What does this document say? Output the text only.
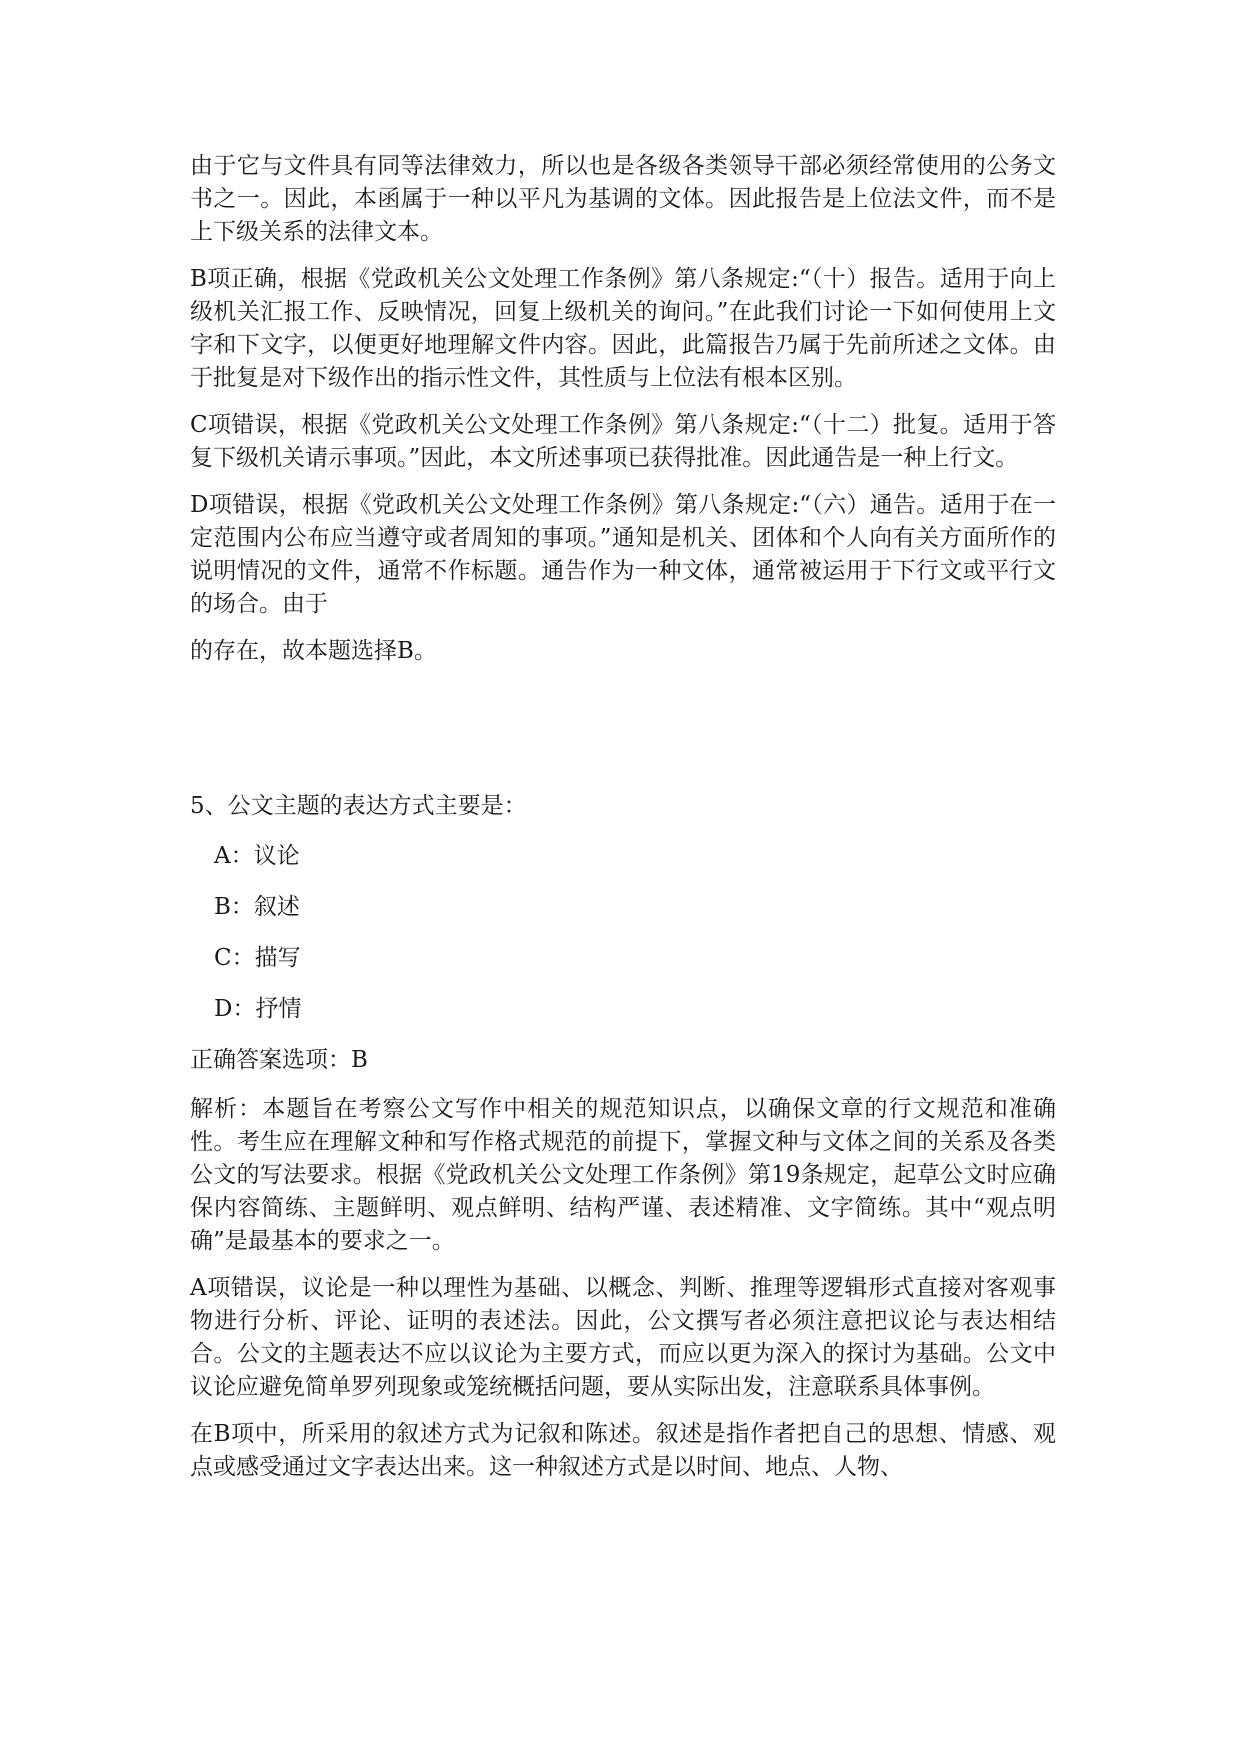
由于它与文件具有同等法律效力，所以也是各级各类领导干部必须经常使用的公务文书之一。因此，本函属于一种以平凡为基调的文体。因此报告是上位法文件，而不是上下级关系的法律文本。

B项正确，根据《党政机关公文处理工作条例》第八条规定:“（十）报告。适用于向上级机关汇报工作、反映情况，回复上级机关的询问。”在此我们讨论一下如何使用上文字和下文字，以便更好地理解文件内容。因此，此篇报告乃属于先前所述之文体。由于批复是对下级作出的指示性文件，其性质与上位法有根本区别。

C项错误，根据《党政机关公文处理工作条例》第八条规定:“（十二）批复。适用于答复下级机关请示事项。”因此，本文所述事项已获得批准。因此通告是一种上行文。

D项错误，根据《党政机关公文处理工作条例》第八条规定:“（六）通告。适用于在一定范围内公布应当遵守或者周知的事项。”通知是机关、团体和个人向有关方面所作的说明情况的文件，通常不作标题。通告作为一种文体，通常被运用于下行文或平行文的场合。由于

的存在，故本题选择B。

5、公文主题的表达方式主要是：
A：议论
B：叙述
C：描写
D：抒情
正确答案选项：B

解析：本题旨在考察公文写作中相关的规范知识点，以确保文章的行文规范和准确性。考生应在理解文种和写作格式规范的前提下，掌握文种与文体之间的关系及各类公文的写法要求。根据《党政机关公文处理工作条例》第19条规定，起草公文时应确保内容简练、主题鲜明、观点鲜明、结构严谨、表述精准、文字简练。其中“观点明确”是最基本的要求之一。

A项错误，议论是一种以理性为基础、以概念、判断、推理等逻辑形式直接对客观事物进行分析、评论、证明的表述法。因此，公文撰写者必须注意把议论与表达相结合。公文的主题表达不应以议论为主要方式，而应以更为深入的探讨为基础。公文中议论应避免简单罗列现象或笼统概括问题，要从实际出发，注意联系具体事例。

在B项中，所采用的叙述方式为记叙和陈述。叙述是指作者把自己的思想、情感、观点或感受通过文字表达出来。这一种叙述方式是以时间、地点、人物、
